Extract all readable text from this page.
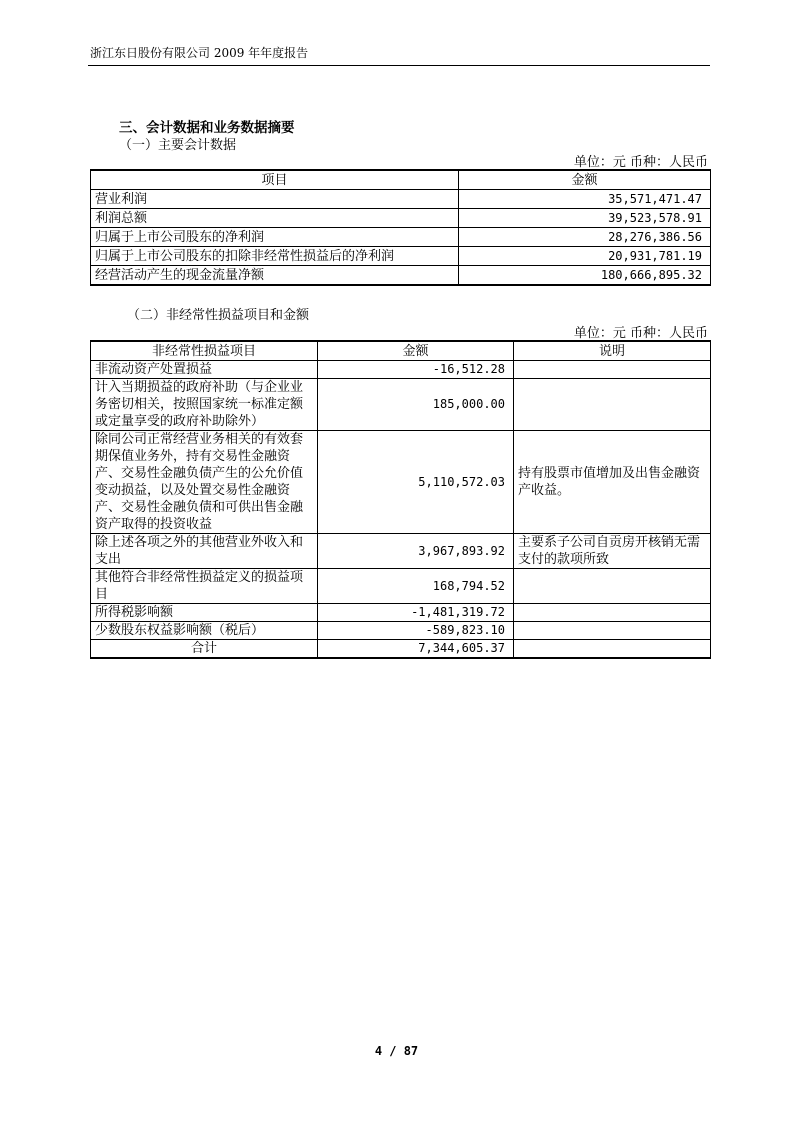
浙江东日股份有限公司 2009 年年度报告
三、会计数据和业务数据摘要
（一）主要会计数据
单位：元 币种：人民币
项目	金额
营业利润	35,571,471.47
利润总额	39,523,578.91
归属于上市公司股东的净利润	28,276,386.56
归属于上市公司股东的扣除非经常性损益后的净利润	20,931,781.19
经营活动产生的现金流量净额	180,666,895.32
（二）非经常性损益项目和金额
单位：元 币种：人民币
非经常性损益项目	金额	说明
非流动资产处置损益	-16,512.28	
计入当期损益的政府补助（与企业业务密切相关，按照国家统一标准定额或定量享受的政府补助除外）	185,000.00	
除同公司正常经营业务相关的有效套期保值业务外，持有交易性金融资产、交易性金融负债产生的公允价值变动损益，以及处置交易性金融资产、交易性金融负债和可供出售金融资产取得的投资收益	5,110,572.03	持有股票市值增加及出售金融资产收益。
除上述各项之外的其他营业外收入和支出	3,967,893.92	主要系子公司自贡房开核销无需支付的款项所致
其他符合非经常性损益定义的损益项目	168,794.52	
所得税影响额	-1,481,319.72	
少数股东权益影响额（税后）	-589,823.10	
合计	7,344,605.37	
4 / 87
